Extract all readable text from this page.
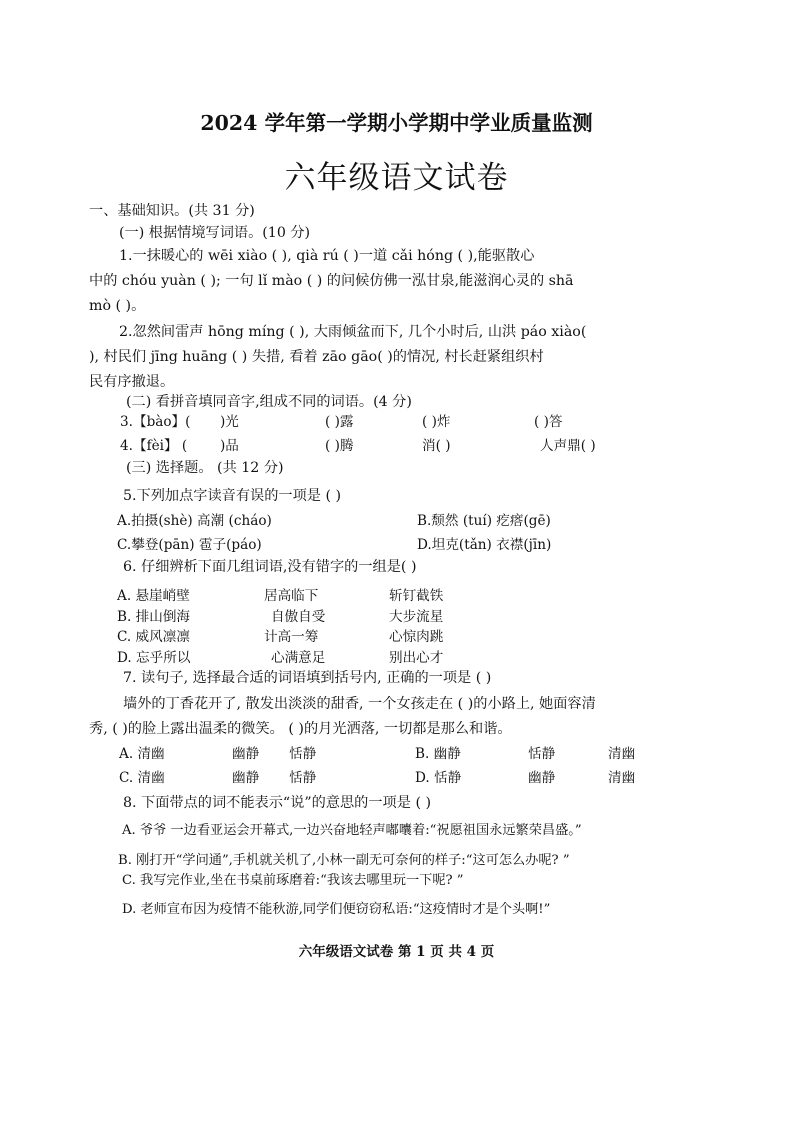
2024 学年第一学期小学期中学业质量监测
六年级语文试卷
一、基础知识。(共 31 分)
(一) 根据情境写词语。(10 分)
1.一抹暖心的 wēi xiào ( ), qià rú ( )一道 cǎi hóng ( ),能驱散心
中的 chóu yuàn ( ); 一句 lǐ mào ( ) 的问候仿佛一泓甘泉,能滋润心灵的 shā
mò ( )。
2.忽然间雷声 hōng míng ( ), 大雨倾盆而下, 几个小时后, 山洪 páo xiào(
), 村民们 jīng huāng ( ) 失措, 看着 zāo gāo( )的情况, 村长赶紧组织村
民有序撤退。
(二) 看拼音填同音字,组成不同的词语。(4 分)
3.【bào】( )光	( )露	( )炸	( )答
4.【fèi】 ( )品	( )腾	消( )	人声鼎( )
(三) 选择题。 (共 12 分)
5.下列加点字读音有误的一项是 ( )
A.拍摄(shè) 高潮 (cháo)	B.颓然 (tuí) 疙瘩(gē)
C.攀登(pān) 雹子(páo)	D.坦克(tǎn) 衣襟(jīn)
6. 仔细辨析下面几组词语,没有错字的一组是( )
A. 悬崖峭壁	居高临下	斩钉截铁
B. 排山倒海	自傲自受	大步流星
C. 威风凛凛	计高一筹	心惊肉跳
D. 忘乎所以	心满意足	别出心才
7. 读句子, 选择最合适的词语填到括号内, 正确的一项是 ( )
墙外的丁香花开了, 散发出淡淡的甜香, 一个女孩走在 ( )的小路上, 她面容清
秀, ( )的脸上露出温柔的微笑。 ( )的月光洒落, 一切都是那么和谐。
A. 清幽	幽静 恬静	B. 幽静	恬静	清幽
C. 清幽	幽静 恬静	D. 恬静	幽静	清幽
8. 下面带点的词不能表示“说”的意思的一项是 ( )
A. 爷爷 一边看亚运会开幕式,一边兴奋地轻声嘟囔着:“祝愿祖国永远繁荣昌盛。”
B. 刚打开“学问通”,手机就关机了,小林一副无可奈何的样子:“这可怎么办呢? ”
C. 我写完作业,坐在书桌前琢磨着:“我该去哪里玩一下呢? ”
D. 老师宣布因为疫情不能秋游,同学们便窃窃私语:“这疫情时才是个头啊!”
六年级语文试卷 第 1 页 共 4 页
